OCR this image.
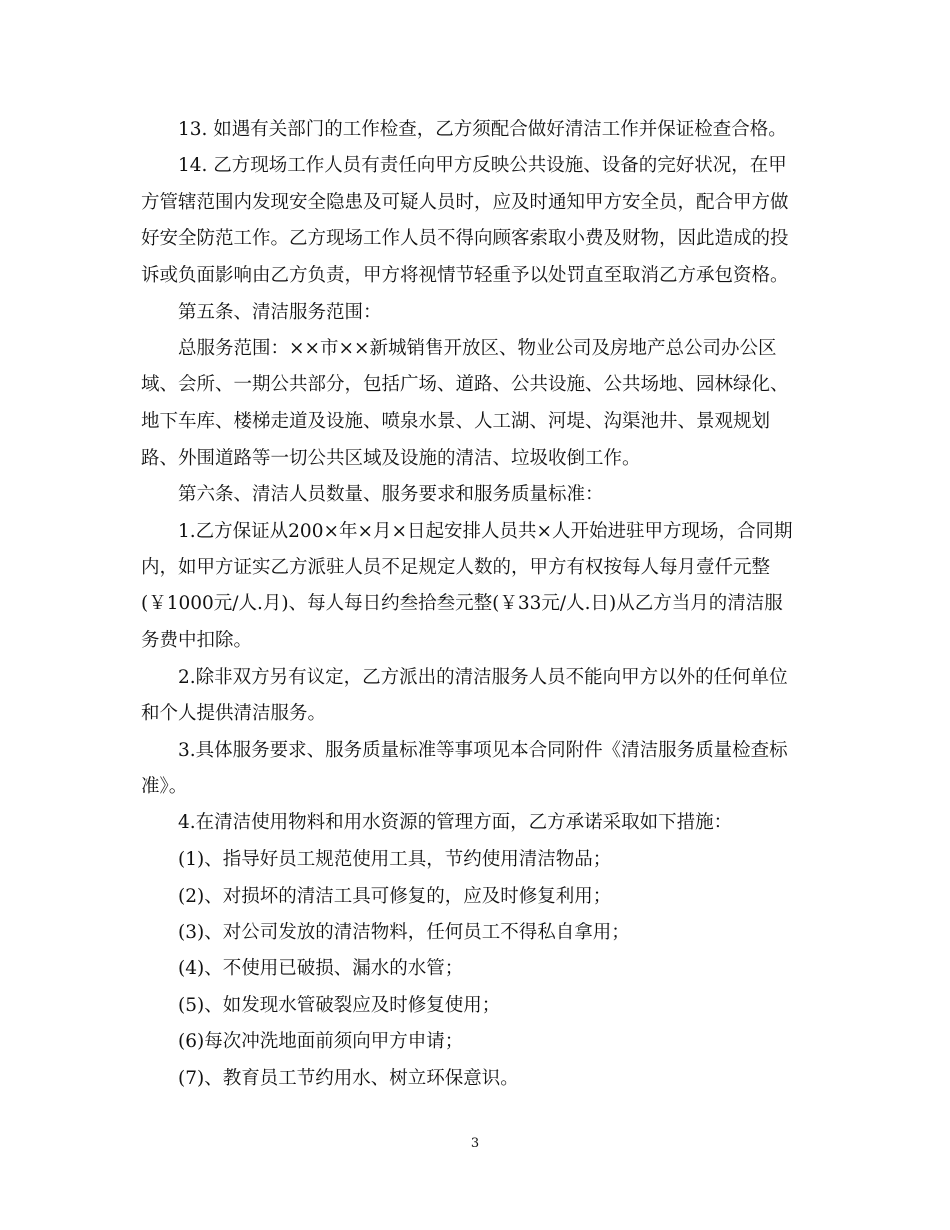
13. 如遇有关部门的工作检查，乙方须配合做好清洁工作并保证检查合格。
14. 乙方现场工作人员有责任向甲方反映公共设施、设备的完好状况，在甲
方管辖范围内发现安全隐患及可疑人员时，应及时通知甲方安全员，配合甲方做
好安全防范工作。乙方现场工作人员不得向顾客索取小费及财物，因此造成的投
诉或负面影响由乙方负责，甲方将视情节轻重予以处罚直至取消乙方承包资格。
第五条、清洁服务范围：
总服务范围：××市××新城销售开放区、物业公司及房地产总公司办公区
域、会所、一期公共部分，包括广场、道路、公共设施、公共场地、园林绿化、
地下车库、楼梯走道及设施、喷泉水景、人工湖、河堤、沟渠池井、景观规划
路、外围道路等一切公共区域及设施的清洁、垃圾收倒工作。
第六条、清洁人员数量、服务要求和服务质量标准：
1.乙方保证从200×年×月×日起安排人员共×人开始进驻甲方现场，合同期
内，如甲方证实乙方派驻人员不足规定人数的，甲方有权按每人每月壹仟元整
(￥1000元/人.月)、每人每日约叁拾叁元整(￥33元/人.日)从乙方当月的清洁服
务费中扣除。
2.除非双方另有议定，乙方派出的清洁服务人员不能向甲方以外的任何单位
和个人提供清洁服务。
3.具体服务要求、服务质量标准等事项见本合同附件《清洁服务质量检查标
准》。
4.在清洁使用物料和用水资源的管理方面，乙方承诺采取如下措施：
(1)、指导好员工规范使用工具，节约使用清洁物品；
(2)、对损坏的清洁工具可修复的，应及时修复利用；
(3)、对公司发放的清洁物料，任何员工不得私自拿用；
(4)、不使用已破损、漏水的水管；
(5)、如发现水管破裂应及时修复使用；
(6)每次冲洗地面前须向甲方申请；
(7)、教育员工节约用水、树立环保意识。
3
